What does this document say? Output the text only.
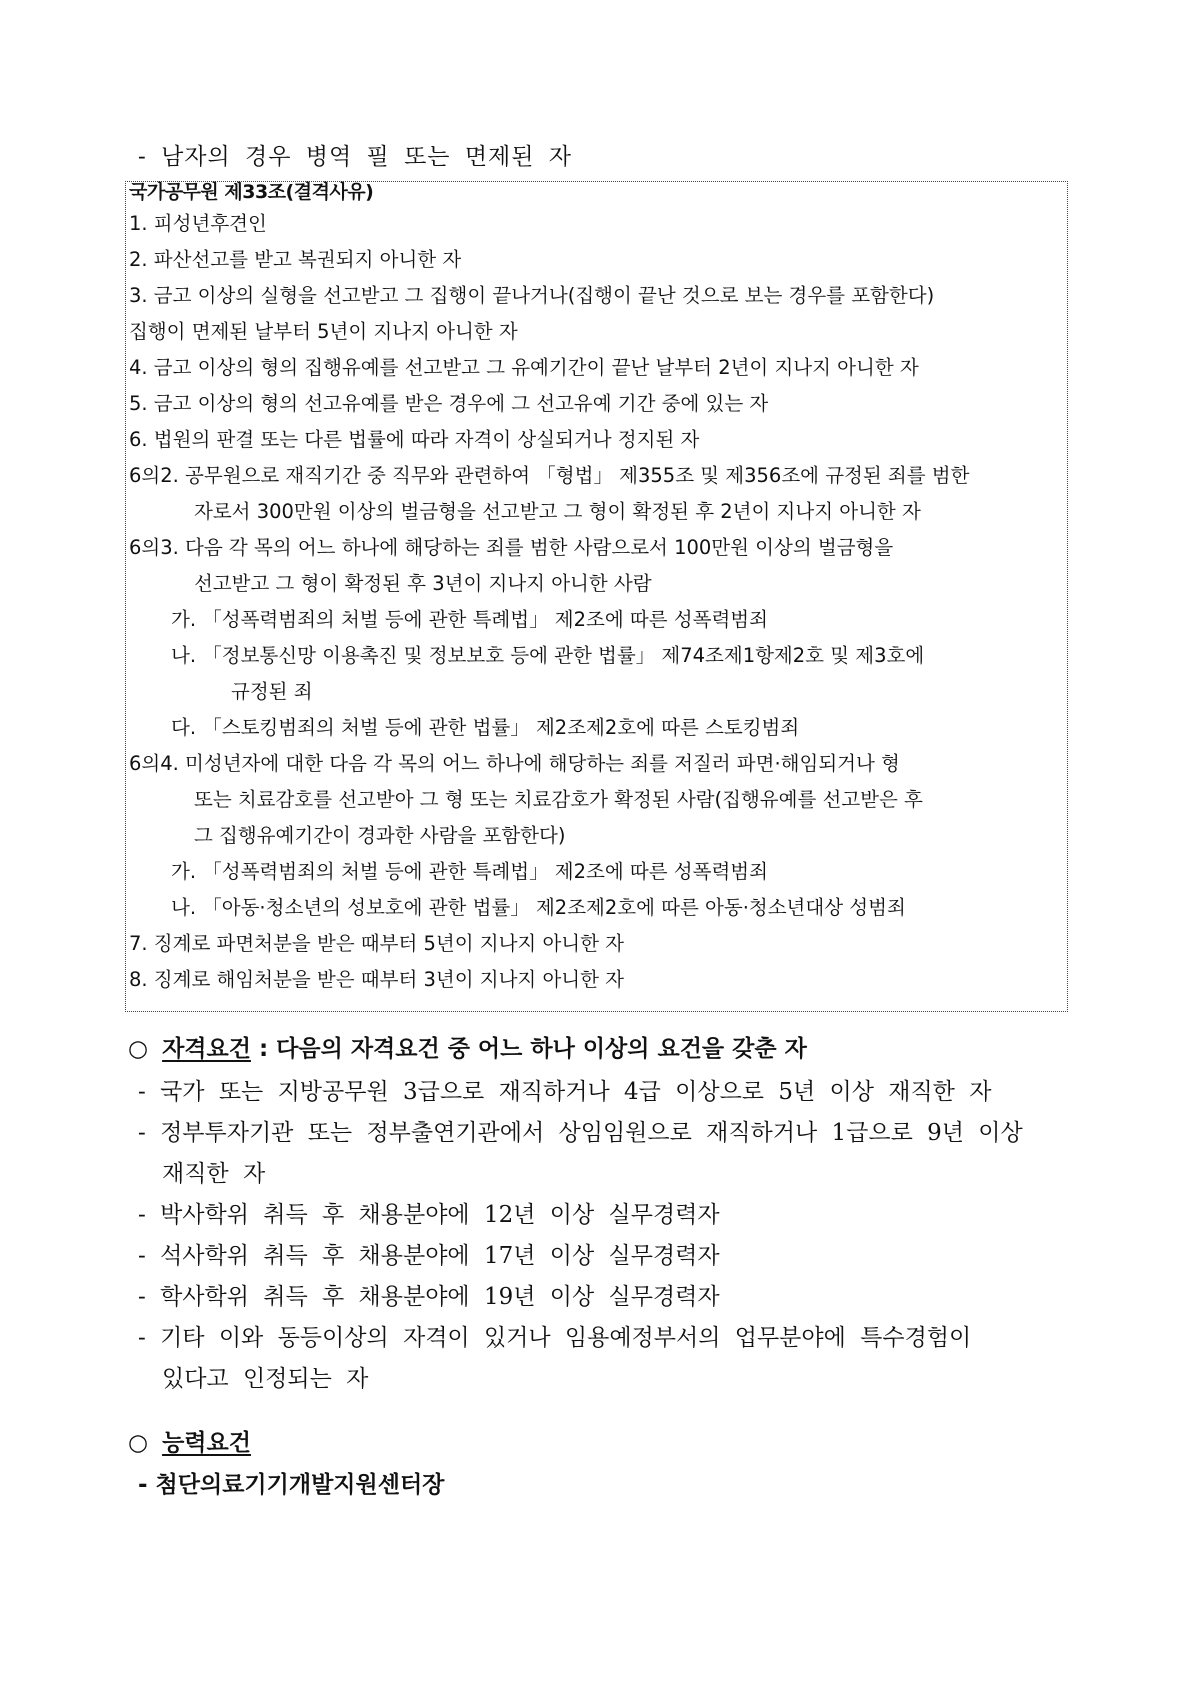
- 남자의 경우 병역 필 또는 면제된 자
국가공무원 제33조(결격사유)
1. 피성년후견인
2. 파산선고를 받고 복권되지 아니한 자
3. 금고 이상의 실형을 선고받고 그 집행이 끝나거나(집행이 끝난 것으로 보는 경우를 포함한다)
집행이 면제된 날부터 5년이 지나지 아니한 자
4. 금고 이상의 형의 집행유예를 선고받고 그 유예기간이 끝난 날부터 2년이 지나지 아니한 자
5. 금고 이상의 형의 선고유예를 받은 경우에 그 선고유예 기간 중에 있는 자
6. 법원의 판결 또는 다른 법률에 따라 자격이 상실되거나 정지된 자
6의2. 공무원으로 재직기간 중 직무와 관련하여 「형법」 제355조 및 제356조에 규정된 죄를 범한
자로서 300만원 이상의 벌금형을 선고받고 그 형이 확정된 후 2년이 지나지 아니한 자
6의3. 다음 각 목의 어느 하나에 해당하는 죄를 범한 사람으로서 100만원 이상의 벌금형을
선고받고 그 형이 확정된 후 3년이 지나지 아니한 사람
가. 「성폭력범죄의 처벌 등에 관한 특례법」 제2조에 따른 성폭력범죄
나. 「정보통신망 이용촉진 및 정보보호 등에 관한 법률」 제74조제1항제2호 및 제3호에
규정된 죄
다. 「스토킹범죄의 처벌 등에 관한 법률」 제2조제2호에 따른 스토킹범죄
6의4. 미성년자에 대한 다음 각 목의 어느 하나에 해당하는 죄를 저질러 파면·해임되거나 형
또는 치료감호를 선고받아 그 형 또는 치료감호가 확정된 사람(집행유예를 선고받은 후
그 집행유예기간이 경과한 사람을 포함한다)
가. 「성폭력범죄의 처벌 등에 관한 특례법」 제2조에 따른 성폭력범죄
나. 「아동·청소년의 성보호에 관한 법률」 제2조제2호에 따른 아동·청소년대상 성범죄
7. 징계로 파면처분을 받은 때부터 5년이 지나지 아니한 자
8. 징계로 해임처분을 받은 때부터 3년이 지나지 아니한 자
○ 자격요건 : 다음의 자격요건 중 어느 하나 이상의 요건을 갖춘 자
- 국가 또는 지방공무원 3급으로 재직하거나 4급 이상으로 5년 이상 재직한 자
- 정부투자기관 또는 정부출연기관에서 상임임원으로 재직하거나 1급으로 9년 이상
재직한 자
- 박사학위 취득 후 채용분야에 12년 이상 실무경력자
- 석사학위 취득 후 채용분야에 17년 이상 실무경력자
- 학사학위 취득 후 채용분야에 19년 이상 실무경력자
- 기타 이와 동등이상의 자격이 있거나 임용예정부서의 업무분야에 특수경험이
있다고 인정되는 자
○ 능력요건
- 첨단의료기기개발지원센터장
